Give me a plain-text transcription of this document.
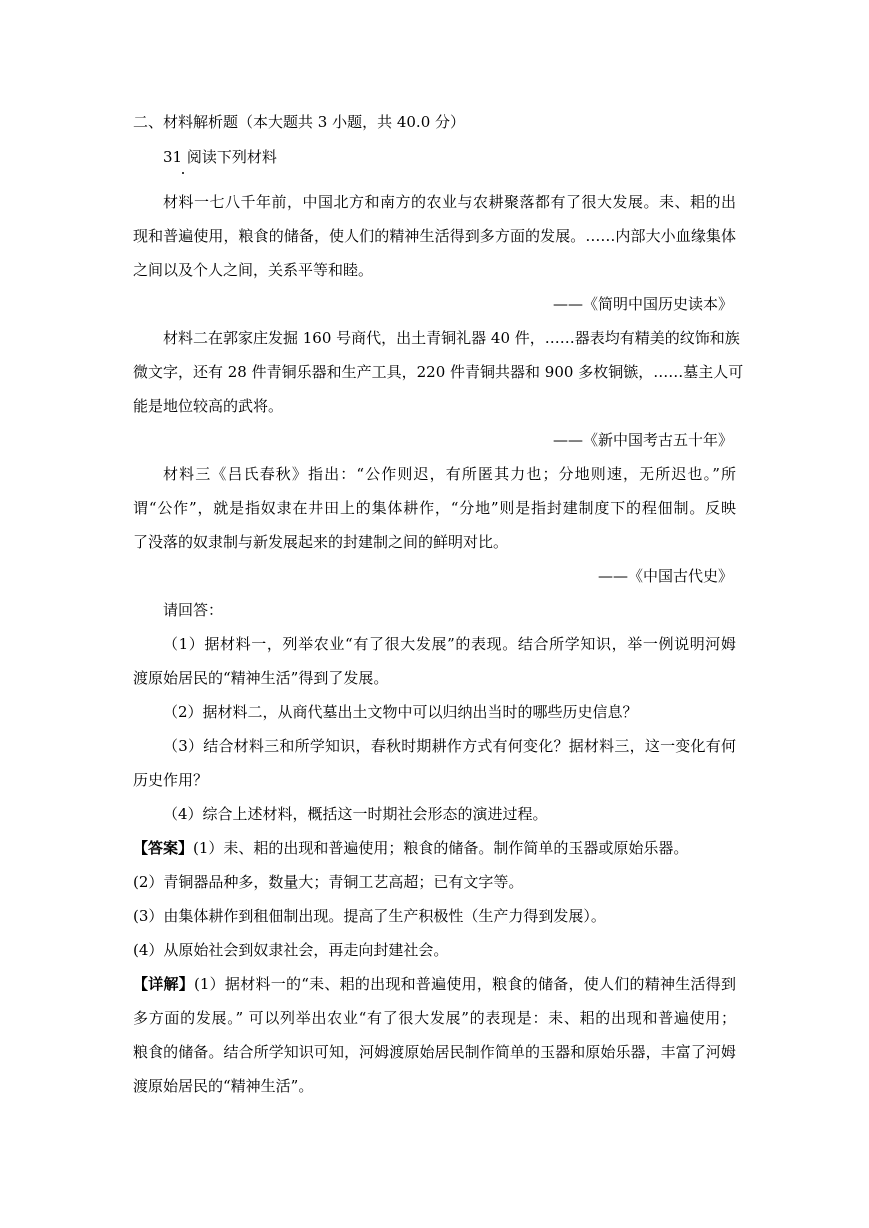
二、材料解析题（本大题共 3 小题，共 40.0 分）
31 阅读下列材料
材料一七八千年前，中国北方和南方的农业与农耕聚落都有了很大发展。耒、耜的出
现和普遍使用，粮食的储备，使人们的精神生活得到多方面的发展。……内部大小血缘集体
之间以及个人之间，关系平等和睦。
——《简明中国历史读本》
材料二在郭家庄发掘 160 号商代，出土青铜礼器 40 件，……器表均有精美的纹饰和族
微文字，还有 28 件青铜乐器和生产工具，220 件青铜共器和 900 多枚铜镞，……墓主人可
能是地位较高的武将。
——《新中国考古五十年》
材料三《吕氏春秋》指出：“公作则迟，有所匿其力也；分地则速，无所迟也。”所
谓“公作”，就是指奴隶在井田上的集体耕作，“分地”则是指封建制度下的程佃制。反映
了没落的奴隶制与新发展起来的封建制之间的鲜明对比。
——《中国古代史》
请回答：
（1）据材料一，列举农业“有了很大发展”的表现。结合所学知识，举一例说明河姆
渡原始居民的“精神生活”得到了发展。
（2）据材料二，从商代墓出土文物中可以归纳出当时的哪些历史信息？
（3）结合材料三和所学知识，春秋时期耕作方式有何变化？据材料三，这一变化有何
历史作用？
（4）综合上述材料，概括这一时期社会形态的演进过程。
【答案】(1）耒、耜的出现和普遍使用；粮食的储备。制作简单的玉器或原始乐器。
(2）青铜器品种多，数量大；青铜工艺高超；已有文字等。
(3）由集体耕作到租佃制出现。提高了生产积极性（生产力得到发展）。
(4）从原始社会到奴隶社会，再走向封建社会。
【详解】(1）据材料一的“耒、耜的出现和普遍使用，粮食的储备，使人们的精神生活得到
多方面的发展。” 可以列举出农业“有了很大发展”的表现是：耒、耜的出现和普遍使用；
粮食的储备。结合所学知识可知，河姆渡原始居民制作简单的玉器和原始乐器，丰富了河姆
渡原始居民的“精神生活”。
